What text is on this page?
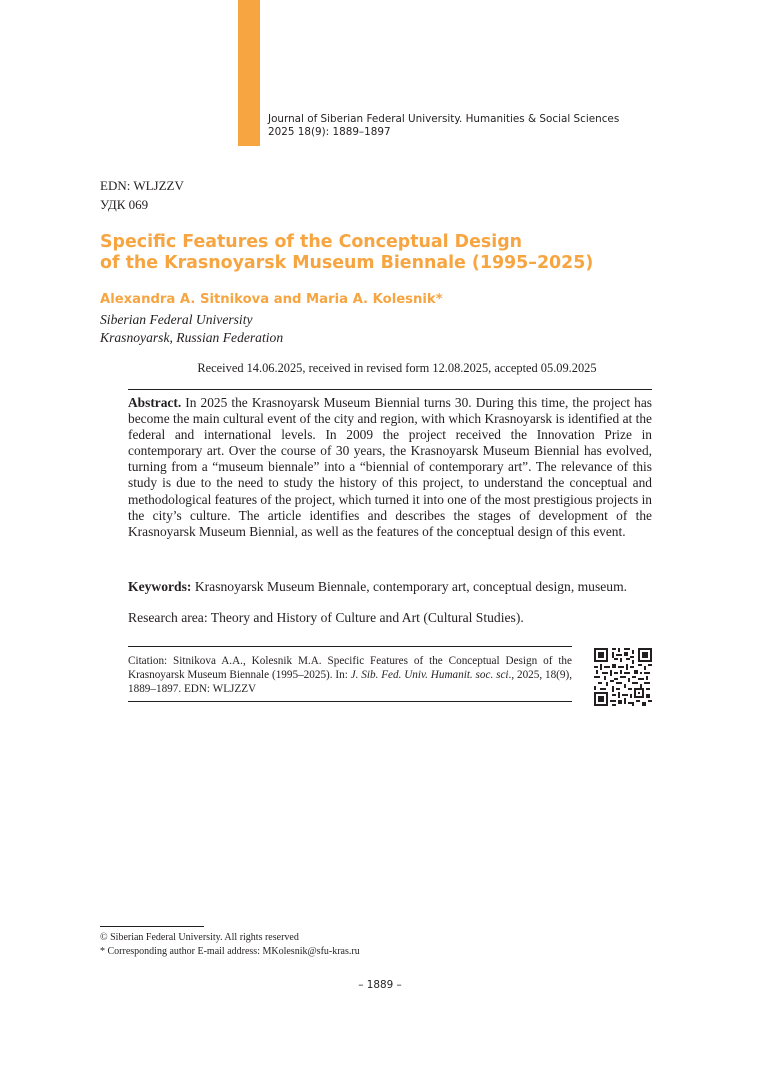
Journal of Siberian Federal University. Humanities & Social Sciences
2025 18(9): 1889–1897
EDN: WLJZZV
УДК 069
Specific Features of the Conceptual Design
of the Krasnoyarsk Museum Biennale (1995–2025)
Alexandra A. Sitnikova and Maria A. Kolesnik*
Siberian Federal University
Krasnoyarsk, Russian Federation
Received 14.06.2025, received in revised form 12.08.2025, accepted 05.09.2025

Abstract. In 2025 the Krasnoyarsk Museum Biennial turns 30. During this time, the project has become the main cultural event of the city and region, with which Krasnoyarsk is identified at the federal and international levels. In 2009 the project received the Innovation Prize in contemporary art. Over the course of 30 years, the Krasnoyarsk Museum Biennial has evolved, turning from a “museum biennale” into a “biennial of contemporary art”. The relevance of this study is due to the need to study the history of this project, to understand the conceptual and methodological features of the project, which turned it into one of the most prestigious projects in the city’s culture. The article identifies and describes the stages of development of the Krasnoyarsk Museum Biennial, as well as the features of the conceptual design of this event.

Keywords: Krasnoyarsk Museum Biennale, contemporary art, conceptual design, museum.

Research area: Theory and History of Culture and Art (Cultural Studies).

Citation: Sitnikova A.A., Kolesnik M.A. Specific Features of the Conceptual Design of the Krasnoyarsk Museum Biennale (1995–2025). In: J. Sib. Fed. Univ. Humanit. soc. sci., 2025, 18(9), 1889–1897. EDN: WLJZZV

© Siberian Federal University. All rights reserved
* Corresponding author E-mail address: MKolesnik@sfu-kras.ru
– 1889 –
